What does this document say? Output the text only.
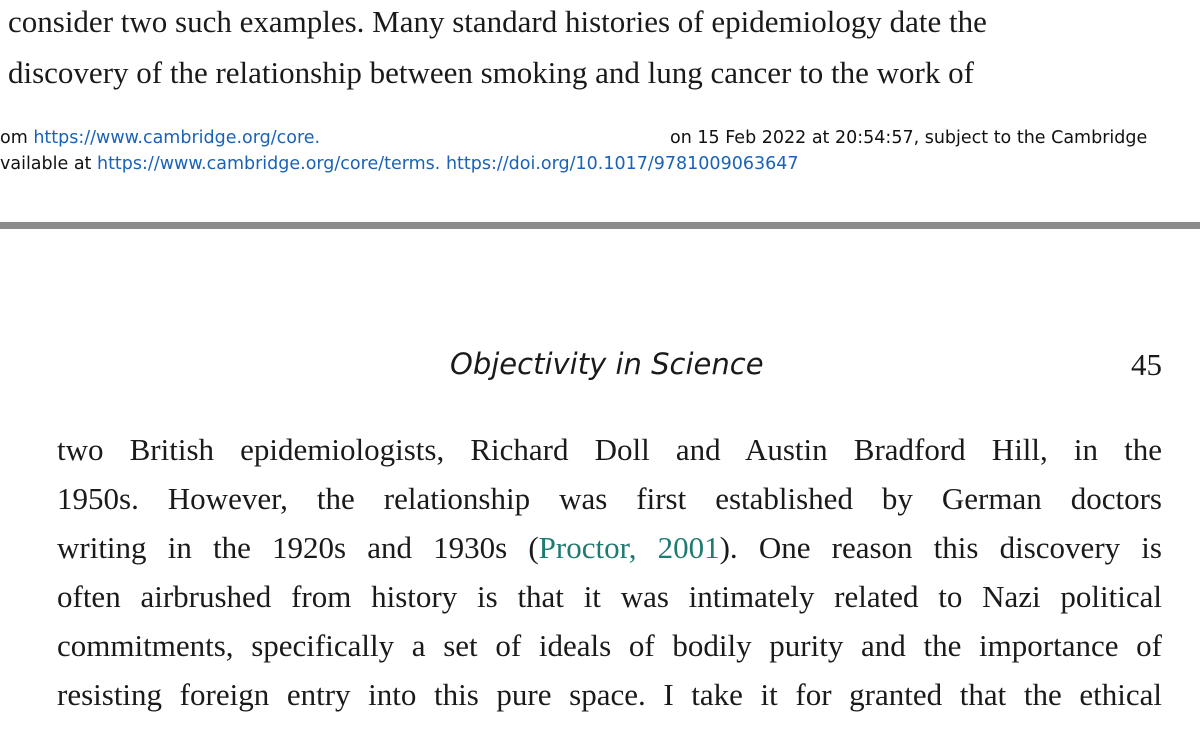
consider two such examples. Many standard histories of epidemiology date the
discovery of the relationship between smoking and lung cancer to the work of
om https://www.cambridge.org/core.	on 15 Feb 2022 at 20:54:57, subject to the Cambridge
vailable at https://www.cambridge.org/core/terms. https://doi.org/10.1017/9781009063647
Objectivity in Science	45
two British epidemiologists, Richard Doll and Austin Bradford Hill, in the
1950s. However, the relationship was first established by German doctors
writing in the 1920s and 1930s (Proctor, 2001). One reason this discovery is
often airbrushed from history is that it was intimately related to Nazi political
commitments, specifically a set of ideals of bodily purity and the importance of
resisting foreign entry into this pure space. I take it for granted that the ethical
